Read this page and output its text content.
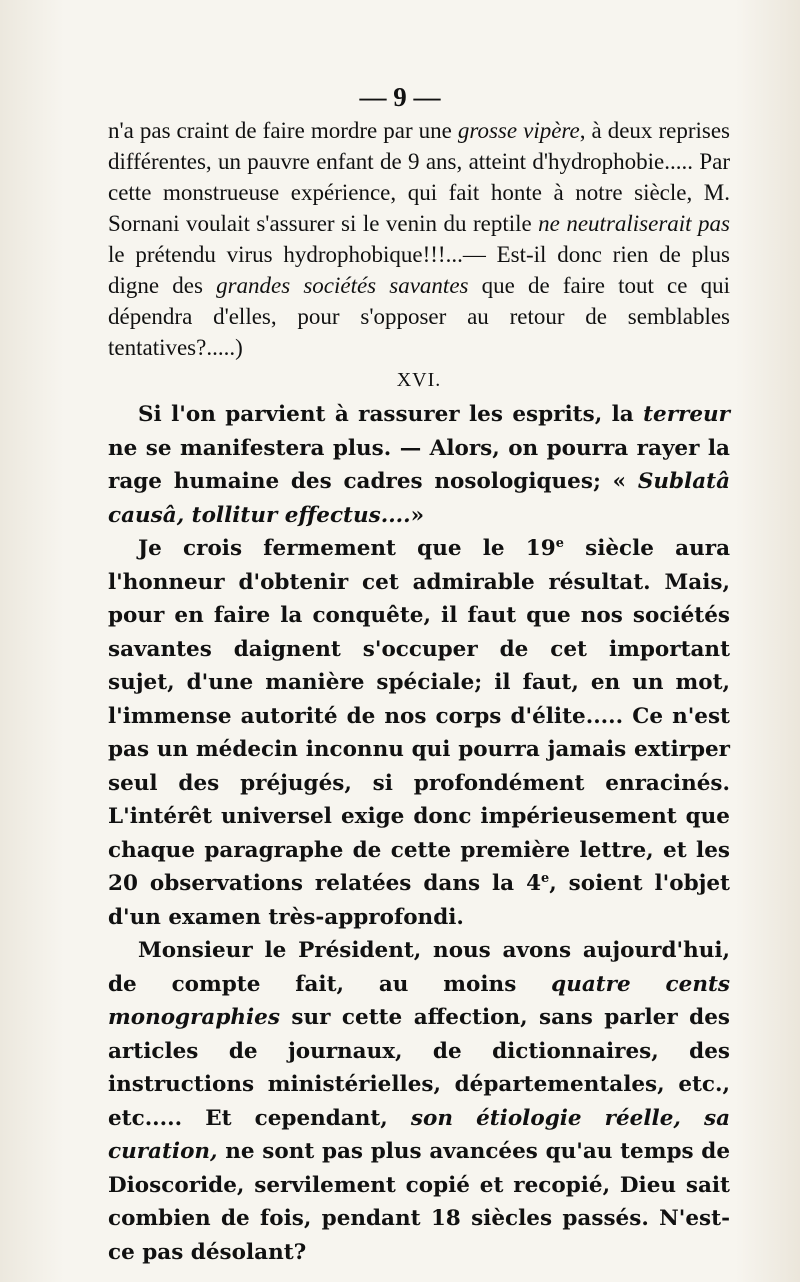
— 9 —

n'a pas craint de faire mordre par une grosse vipère, à deux reprises différentes, un pauvre enfant de 9 ans, atteint d'hydrophobie..... Par cette monstrueuse expérience, qui fait honte à notre siècle, M. Sornani voulait s'assurer si le venin du reptile ne neutraliserait pas le prétendu virus hydrophobique!!!...— Est-il donc rien de plus digne des grandes sociétés savantes que de faire tout ce qui dépendra d'elles, pour s'opposer au retour de semblables tentatives?.....)

XVI.

Si l'on parvient à rassurer les esprits, la terreur ne se manifestera plus. — Alors, on pourra rayer la rage humaine des cadres nosologiques; « Sublatâ causâ, tollitur effectus....»

Je crois fermement que le 19e siècle aura l'honneur d'obtenir cet admirable résultat. Mais, pour en faire la conquête, il faut que nos sociétés savantes daignent s'occuper de cet important sujet, d'une manière spéciale; il faut, en un mot, l'immense autorité de nos corps d'élite..... Ce n'est pas un médecin inconnu qui pourra jamais extirper seul des préjugés, si profondément enracinés. L'intérêt universel exige donc impérieusement que chaque paragraphe de cette première lettre, et les 20 observations relatées dans la 4e, soient l'objet d'un examen très-approfondi.

Monsieur le Président, nous avons aujourd'hui, de compte fait, au moins quatre cents monographies sur cette affection, sans parler des articles de journaux, de dictionnaires, des instructions ministérielles, départementales, etc., etc..... Et cependant, son étiologie réelle, sa curation, ne sont pas plus avancées qu'au temps de Dioscoride, servilement copié et recopié, Dieu sait combien de fois, pendant 18 siècles passés. N'est-ce pas désolant?
